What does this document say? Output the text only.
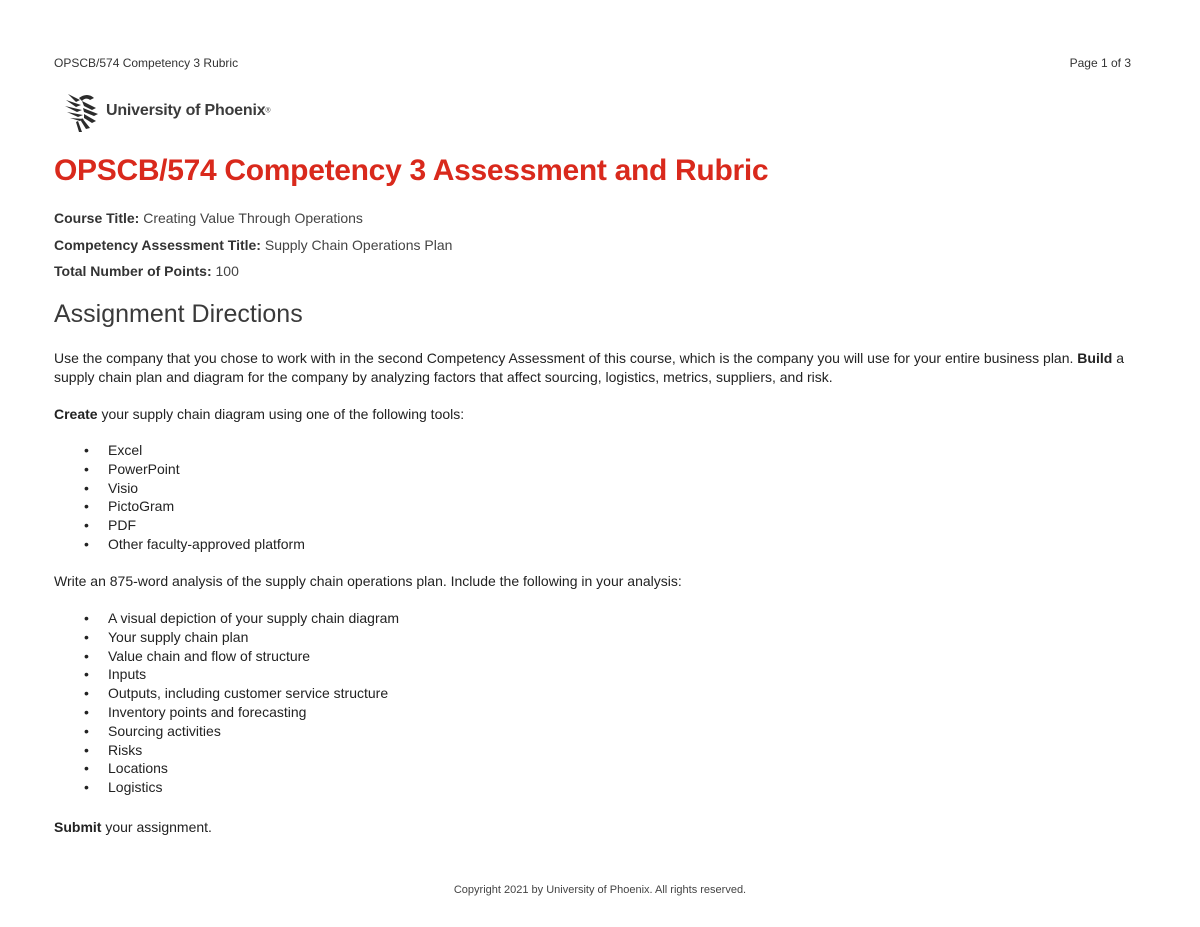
OPSCB/574 Competency 3 Rubric	Page 1 of 3
University of Phoenix®
OPSCB/574 Competency 3 Assessment and Rubric
Course Title: Creating Value Through Operations
Competency Assessment Title: Supply Chain Operations Plan
Total Number of Points: 100
Assignment Directions

Use the company that you chose to work with in the second Competency Assessment of this course, which is the company you will use for your entire business plan. Build a supply chain plan and diagram for the company by analyzing factors that affect sourcing, logistics, metrics, suppliers, and risk.

Create your supply chain diagram using one of the following tools:

• Excel
• PowerPoint
• Visio
• PictoGram
• PDF
• Other faculty-approved platform

Write an 875-word analysis of the supply chain operations plan. Include the following in your analysis:

• A visual depiction of your supply chain diagram
• Your supply chain plan
• Value chain and flow of structure
• Inputs
• Outputs, including customer service structure
• Inventory points and forecasting
• Sourcing activities
• Risks
• Locations
• Logistics

Submit your assignment.

Copyright 2021 by University of Phoenix. All rights reserved.
